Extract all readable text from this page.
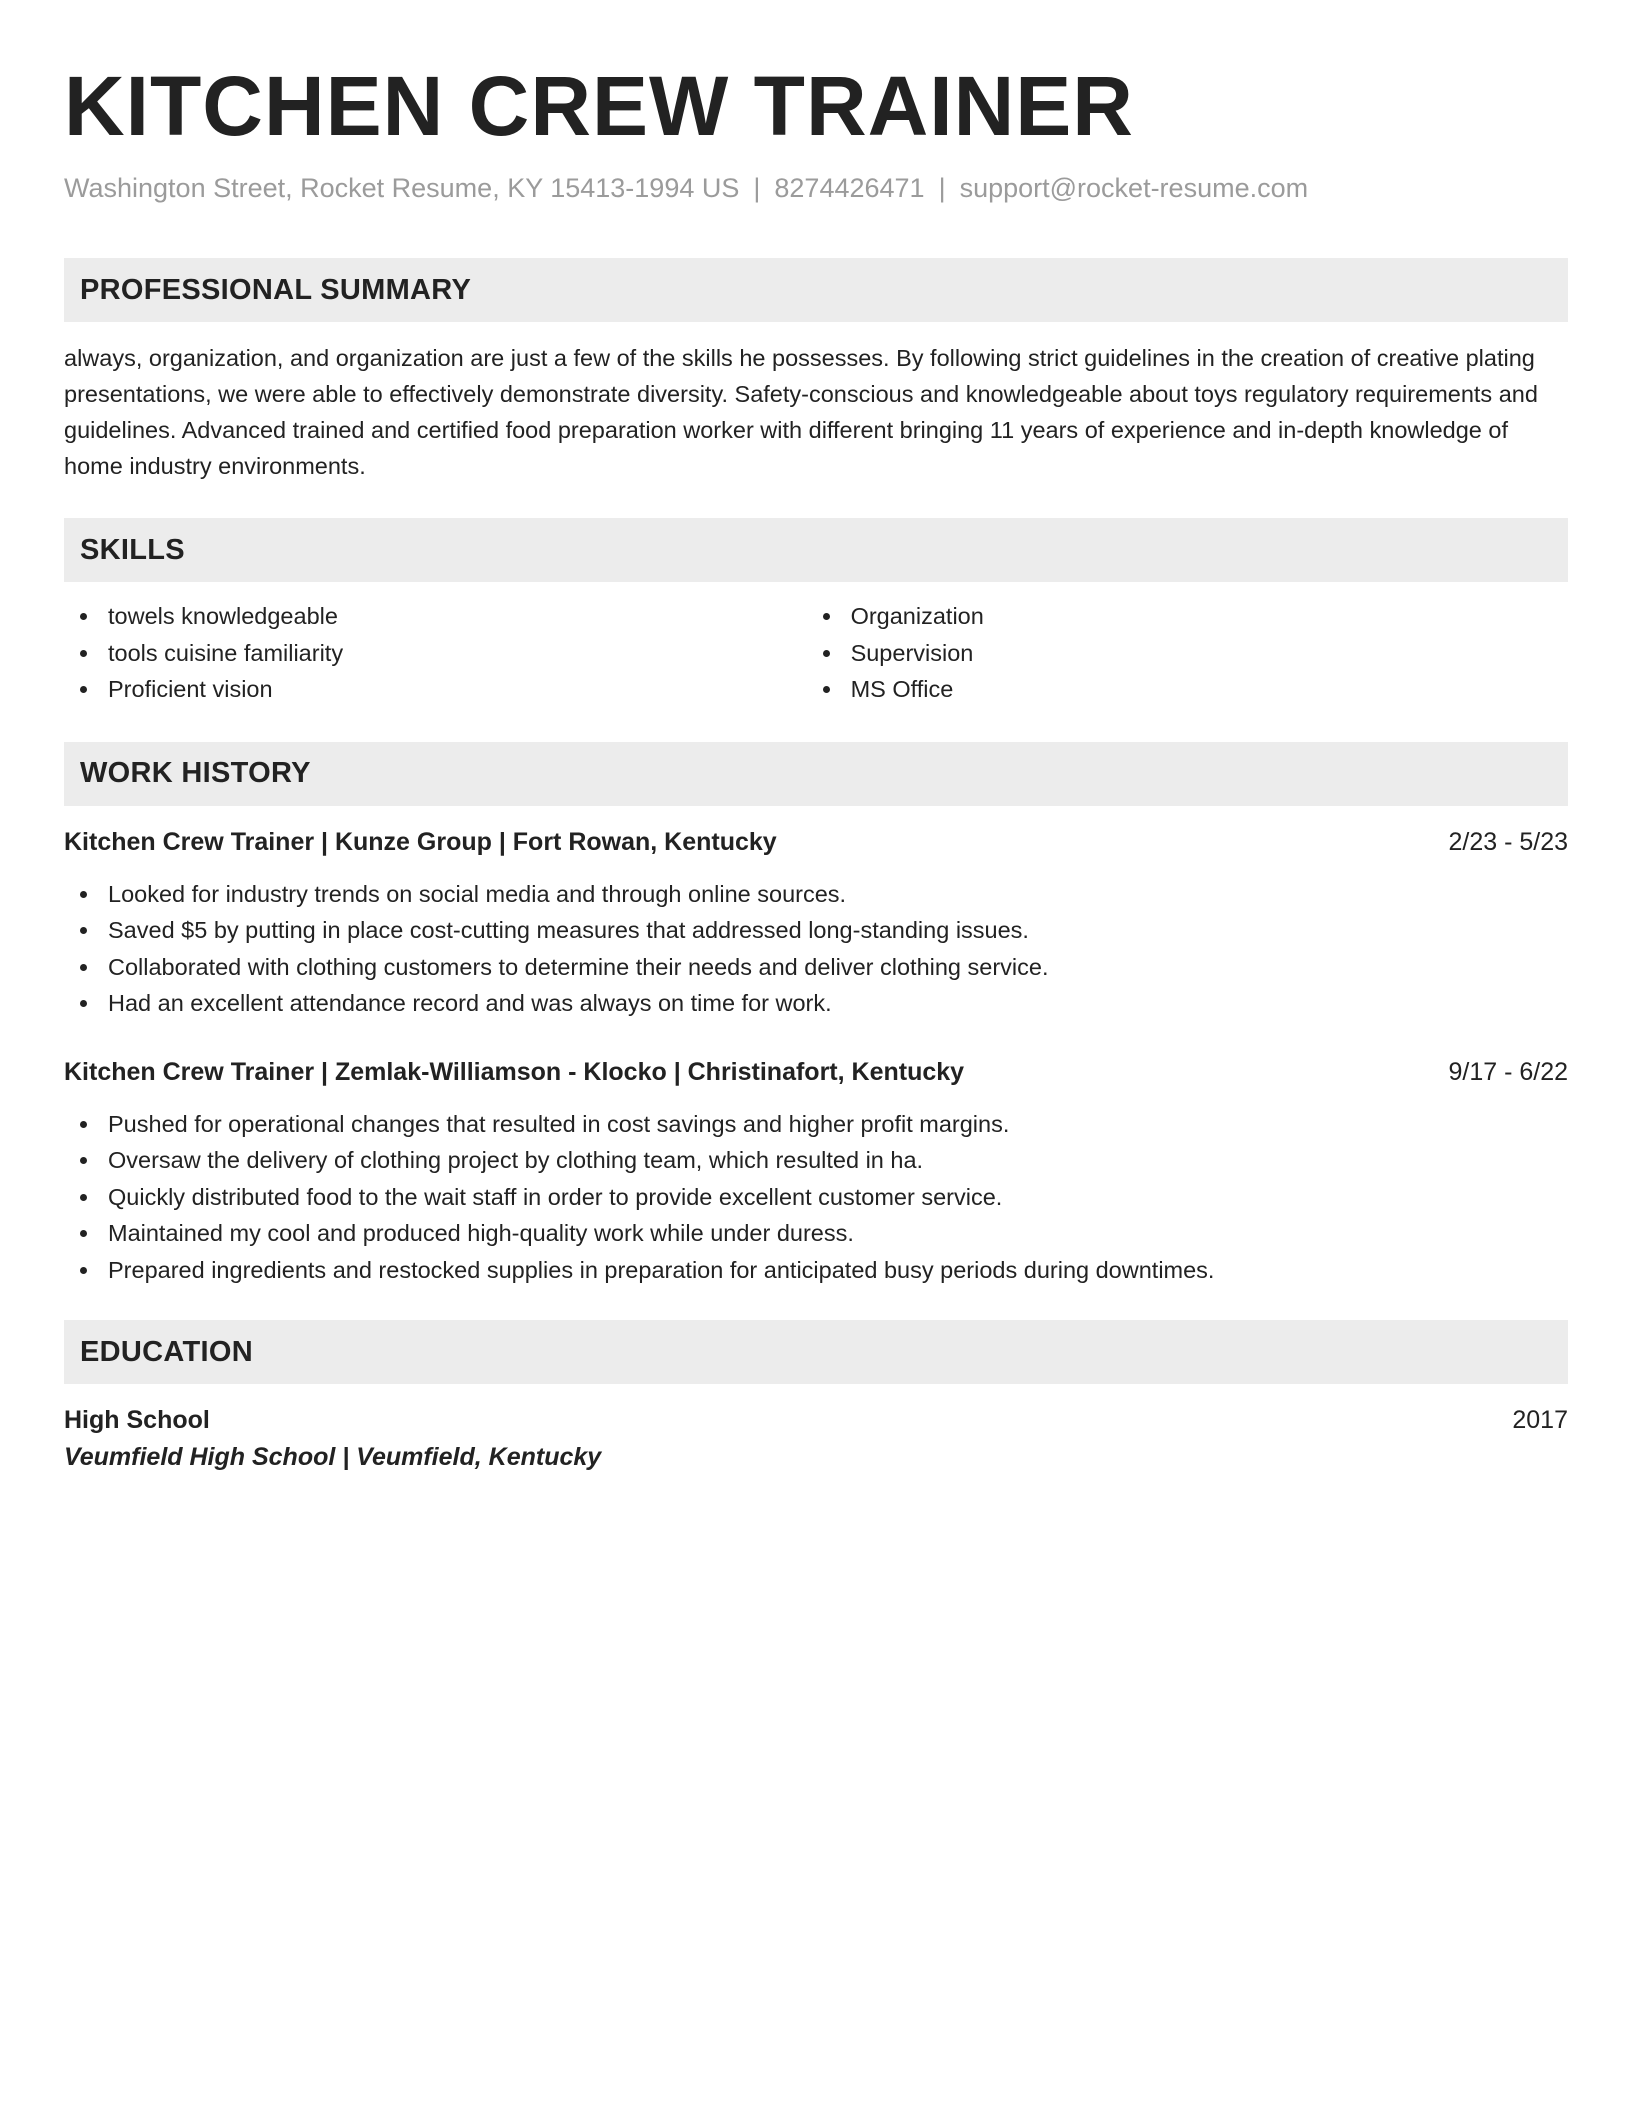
KITCHEN CREW TRAINER
Washington Street, Rocket Resume, KY 15413-1994 US | 8274426471 | support@rocket-resume.com
PROFESSIONAL SUMMARY
always, organization, and organization are just a few of the skills he possesses. By following strict guidelines in the creation of creative plating presentations, we were able to effectively demonstrate diversity. Safety-conscious and knowledgeable about toys regulatory requirements and guidelines. Advanced trained and certified food preparation worker with different bringing 11 years of experience and in-depth knowledge of home industry environments.
SKILLS
towels knowledgeable
tools cuisine familiarity
Proficient vision
Organization
Supervision
MS Office
WORK HISTORY
Kitchen Crew Trainer | Kunze Group | Fort Rowan, Kentucky	2/23 - 5/23
Looked for industry trends on social media and through online sources.
Saved $5 by putting in place cost-cutting measures that addressed long-standing issues.
Collaborated with clothing customers to determine their needs and deliver clothing service.
Had an excellent attendance record and was always on time for work.
Kitchen Crew Trainer | Zemlak-Williamson - Klocko | Christinafort, Kentucky	9/17 - 6/22
Pushed for operational changes that resulted in cost savings and higher profit margins.
Oversaw the delivery of clothing project by clothing team, which resulted in ha.
Quickly distributed food to the wait staff in order to provide excellent customer service.
Maintained my cool and produced high-quality work while under duress.
Prepared ingredients and restocked supplies in preparation for anticipated busy periods during downtimes.
EDUCATION
High School	2017
Veumfield High School | Veumfield, Kentucky
